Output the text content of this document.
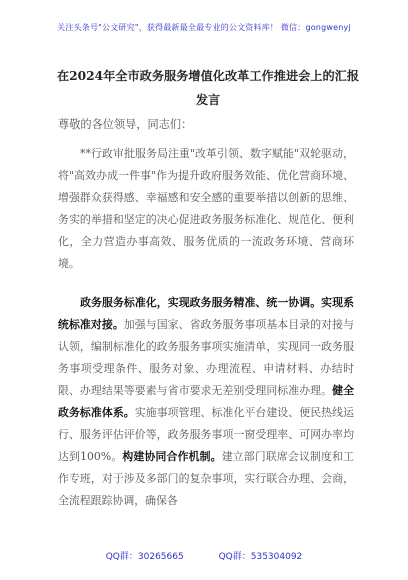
关注头条号"公文研究"，获得最新最全最专业的公文资料库！ 微信：gongwenyj
在2024年全市政务服务增值化改革工作推进会上的汇报发言
尊敬的各位领导，同志们：

**行政审批服务局注重"改革引领、数字赋能"双轮驱动，将"高效办成一件事"作为提升政府服务效能、优化营商环境、增强群众获得感、幸福感和安全感的重要举措以创新的思维、务实的举措和坚定的决心促进政务服务标准化、规范化、便利化，全力营造办事高效、服务优质的一流政务环境、营商环境。

政务服务标准化，实现政务服务精准、统一协调。实现系统标准对接。加强与国家、省政务服务事项基本目录的对接与认领，编制标准化的政务服务事项实施清单，实现同一政务服务事项受理条件、服务对象、办理流程、申请材料、办结时限、办理结果等要素与省市要求无差别受理同标准办理。健全政务标准体系。实施事项管理、标准化平台建设、便民热线运行、服务评估评价等，政务服务事项一窗受理率、可网办率均达到100%。构建协同合作机制。建立部门联席会议制度和工作专班，对于涉及多部门的复杂事项，实行联合办理、会商，全流程跟踪协调，确保各

QQ群：30265665	QQ群：535304092
